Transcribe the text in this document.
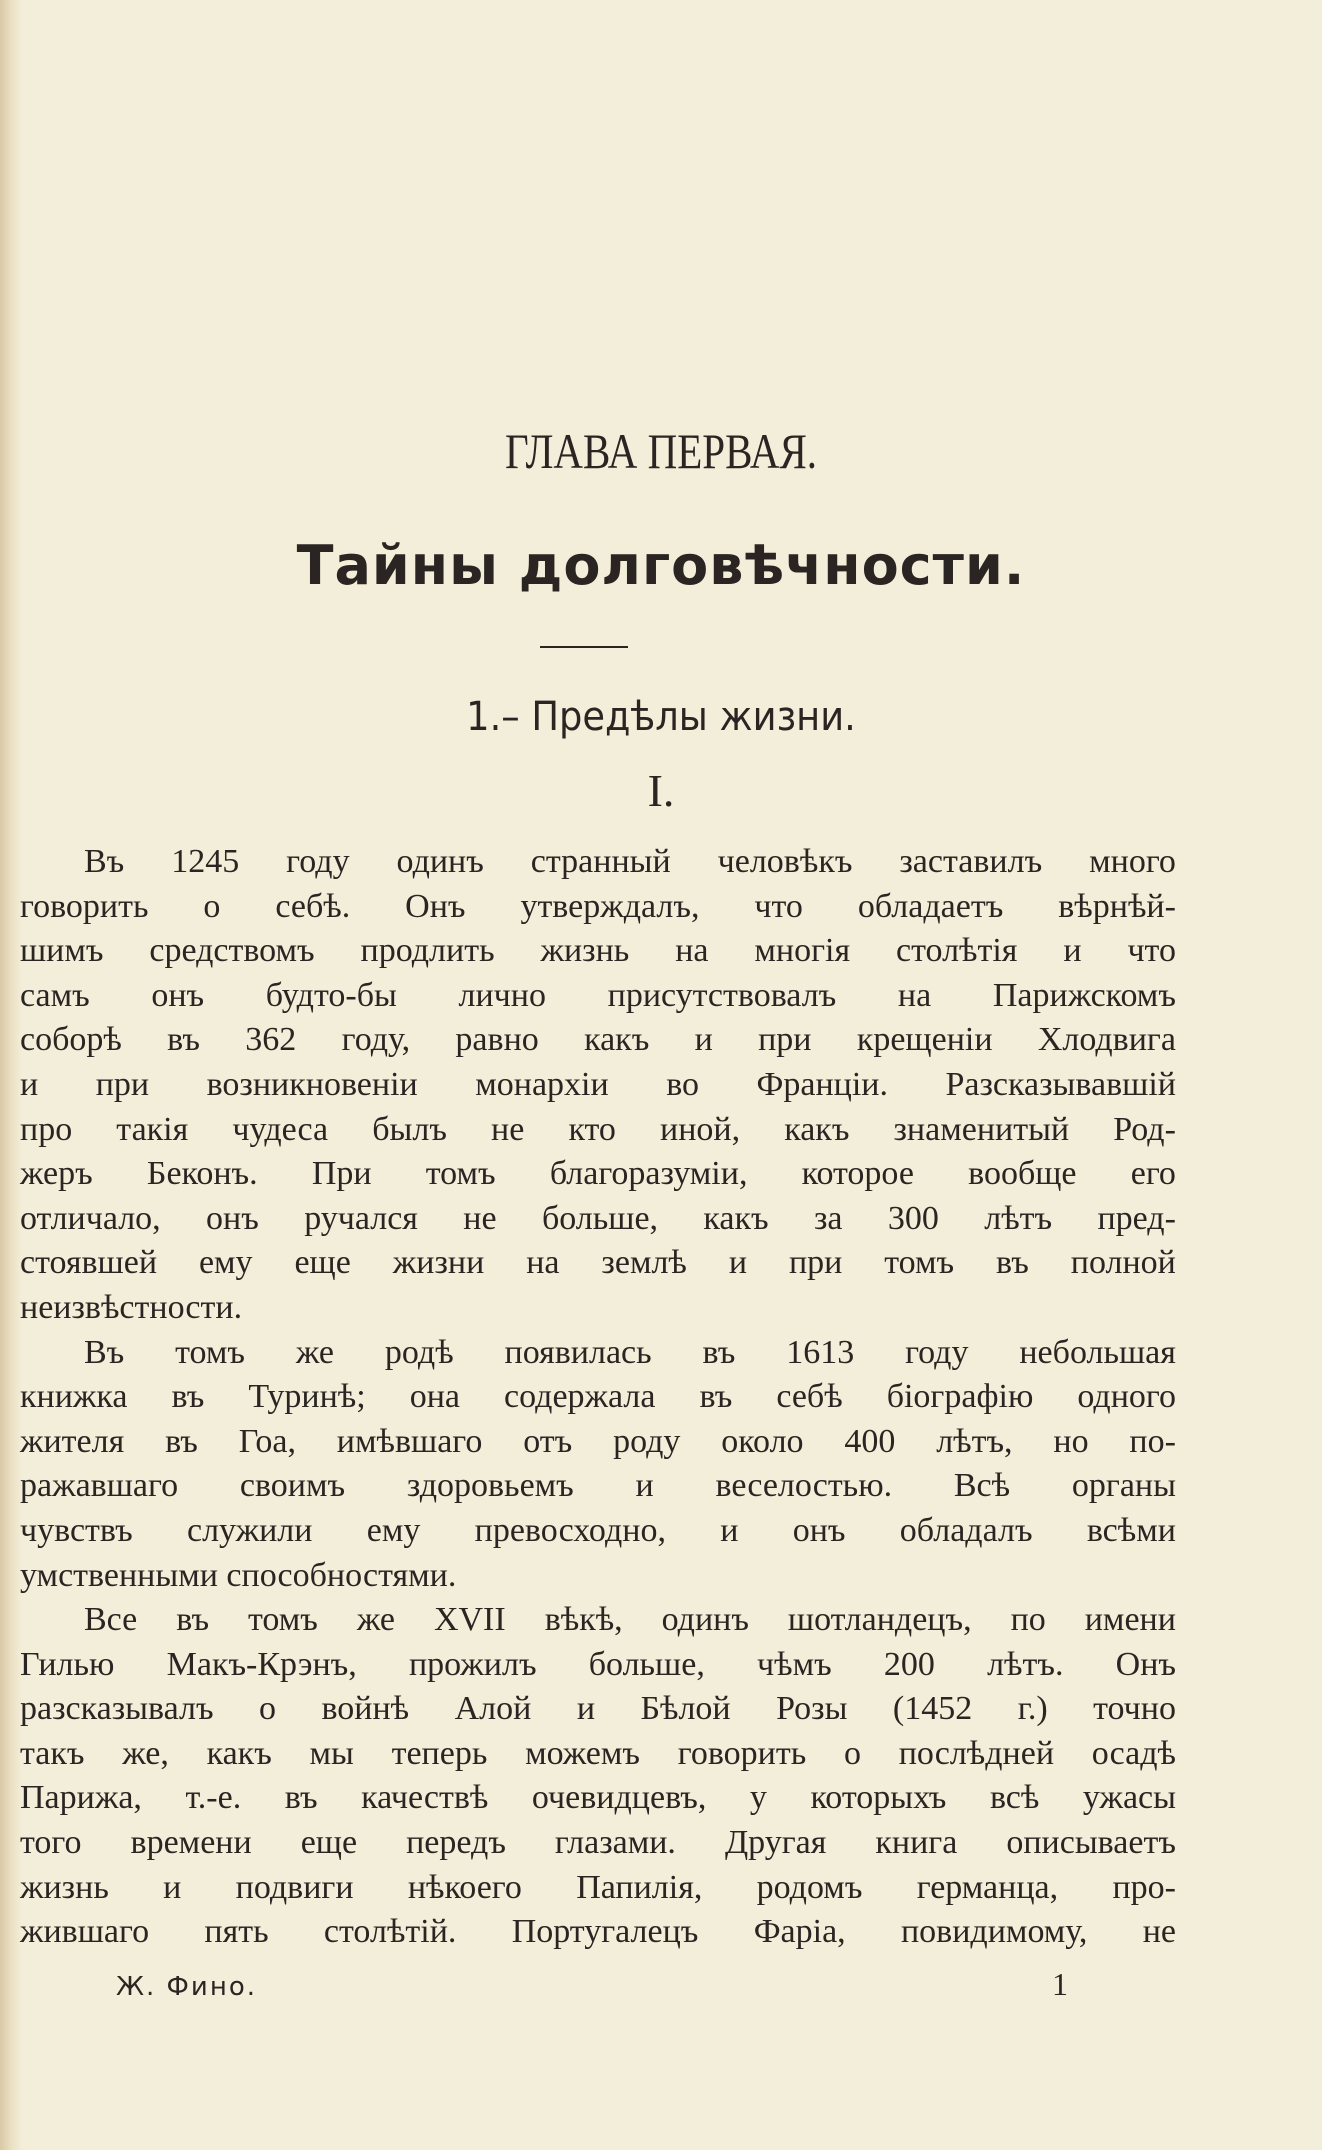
ГЛАВА ПЕРВАЯ.
Тайны долговѣчности.
1.– Предѣлы жизни.
I.
Въ 1245 году одинъ странный человѣкъ заставилъ много
говорить о себѣ. Онъ утверждалъ, что обладаетъ вѣрнѣй-
шимъ средствомъ продлить жизнь на многія столѣтія и что
самъ онъ будто-бы лично присутствовалъ на Парижскомъ
соборѣ въ 362 году, равно какъ и при крещеніи Хлодвига
и при возникновеніи монархіи во Франціи. Разсказывавшій
про такія чудеса былъ не кто иной, какъ знаменитый Род-
жеръ Беконъ. При томъ благоразуміи, которое вообще его
отличало, онъ ручался не больше, какъ за 300 лѣтъ пред-
стоявшей ему еще жизни на землѣ и при томъ въ полной
неизвѣстности.
Въ томъ же родѣ появилась въ 1613 году небольшая
книжка въ Туринѣ; она содержала въ себѣ біографію одного
жителя въ Гоа, имѣвшаго отъ роду около 400 лѣтъ, но по-
ражавшаго своимъ здоровьемъ и веселостью. Всѣ органы
чувствъ служили ему превосходно, и онъ обладалъ всѣми
умственными способностями.
Все въ томъ же XVII вѣкѣ, одинъ шотландецъ, по имени
Гилью Макъ-Крэнъ, прожилъ больше, чѣмъ 200 лѣтъ. Онъ
разсказывалъ о войнѣ Алой и Бѣлой Розы (1452 г.) точно
такъ же, какъ мы теперь можемъ говорить о послѣдней осадѣ
Парижа, т.-е. въ качествѣ очевидцевъ, у которыхъ всѣ ужасы
того времени еще передъ глазами. Другая книга описываетъ
жизнь и подвиги нѣкоего Папилія, родомъ германца, про-
жившаго пять столѣтій. Португалецъ Фаріа, повидимому, не
Ж. Фино.	1
